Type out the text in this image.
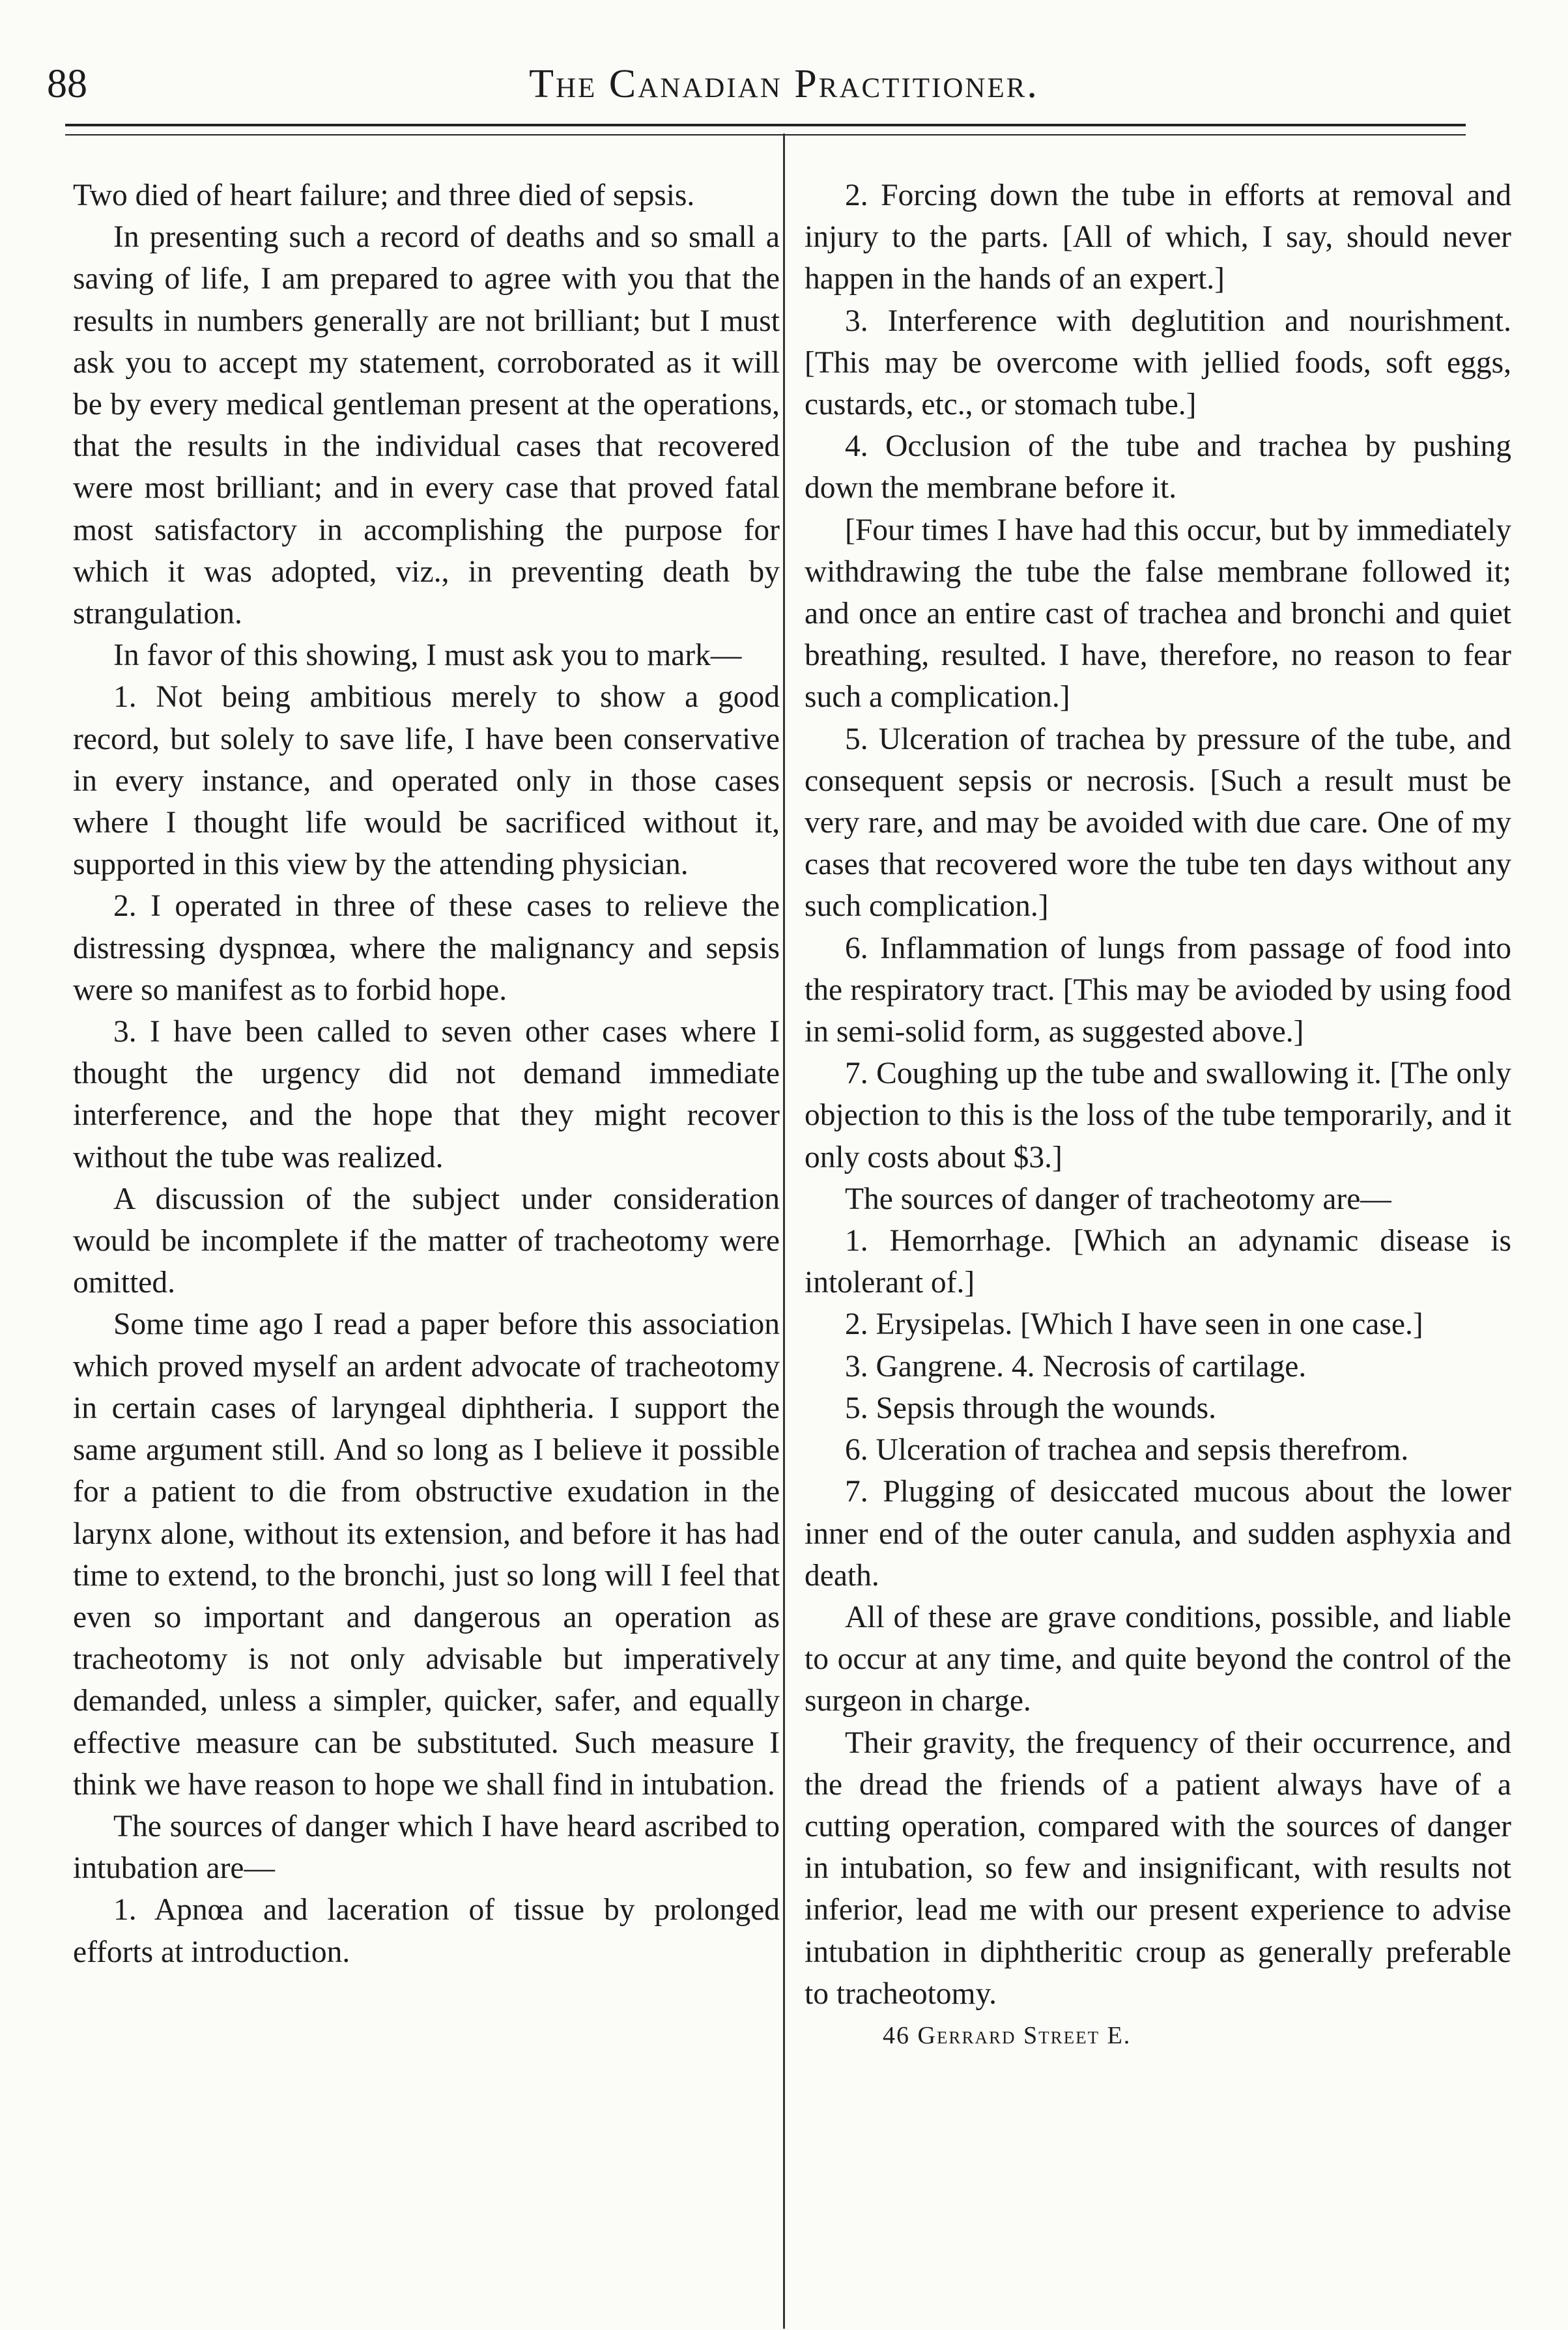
88	The Canadian Practitioner.

Two died of heart failure; and three died of sepsis.

In presenting such a record of deaths and so small a saving of life, I am prepared to agree with you that the results in numbers generally are not brilliant; but I must ask you to accept my statement, corroborated as it will be by every medical gentleman present at the operations, that the results in the individual cases that recovered were most brilliant; and in every case that proved fatal most satisfactory in accomplishing the purpose for which it was adopted, viz., in preventing death by strangulation.

In favor of this showing, I must ask you to mark—

1. Not being ambitious merely to show a good record, but solely to save life, I have been conservative in every instance, and operated only in those cases where I thought life would be sacrificed without it, supported in this view by the attending physician.

2. I operated in three of these cases to relieve the distressing dyspnœa, where the malignancy and sepsis were so manifest as to forbid hope.

3. I have been called to seven other cases where I thought the urgency did not demand immediate interference, and the hope that they might recover without the tube was realized.

A discussion of the subject under consideration would be incomplete if the matter of tracheotomy were omitted.

Some time ago I read a paper before this association which proved myself an ardent advocate of tracheotomy in certain cases of laryngeal diphtheria. I support the same argument still. And so long as I believe it possible for a patient to die from obstructive exudation in the larynx alone, without its extension, and before it has had time to extend, to the bronchi, just so long will I feel that even so important and dangerous an operation as tracheotomy is not only advisable but imperatively demanded, unless a simpler, quicker, safer, and equally effective measure can be substituted. Such measure I think we have reason to hope we shall find in intubation.

The sources of danger which I have heard ascribed to intubation are—

1. Apnœa and laceration of tissue by prolonged efforts at introduction.

2. Forcing down the tube in efforts at removal and injury to the parts. [All of which, I say, should never happen in the hands of an expert.]

3. Interference with deglutition and nourishment. [This may be overcome with jellied foods, soft eggs, custards, etc., or stomach tube.]

4. Occlusion of the tube and trachea by pushing down the membrane before it.

[Four times I have had this occur, but by immediately withdrawing the tube the false membrane followed it; and once an entire cast of trachea and bronchi and quiet breathing, resulted. I have, therefore, no reason to fear such a complication.]

5. Ulceration of trachea by pressure of the tube, and consequent sepsis or necrosis. [Such a result must be very rare, and may be avoided with due care. One of my cases that recovered wore the tube ten days without any such complication.]

6. Inflammation of lungs from passage of food into the respiratory tract. [This may be avioded by using food in semi-solid form, as suggested above.]

7. Coughing up the tube and swallowing it. [The only objection to this is the loss of the tube temporarily, and it only costs about $3.]

The sources of danger of tracheotomy are—

1. Hemorrhage. [Which an adynamic disease is intolerant of.]

2. Erysipelas. [Which I have seen in one case.]

3. Gangrene. 4. Necrosis of cartilage.

5. Sepsis through the wounds.

6. Ulceration of trachea and sepsis therefrom.

7. Plugging of desiccated mucous about the lower inner end of the outer canula, and sudden asphyxia and death.

All of these are grave conditions, possible, and liable to occur at any time, and quite beyond the control of the surgeon in charge.

Their gravity, the frequency of their occurrence, and the dread the friends of a patient always have of a cutting operation, compared with the sources of danger in intubation, so few and insignificant, with results not inferior, lead me with our present experience to advise intubation in diphtheritic croup as generally preferable to tracheotomy.

46 Gerrard Street E.
